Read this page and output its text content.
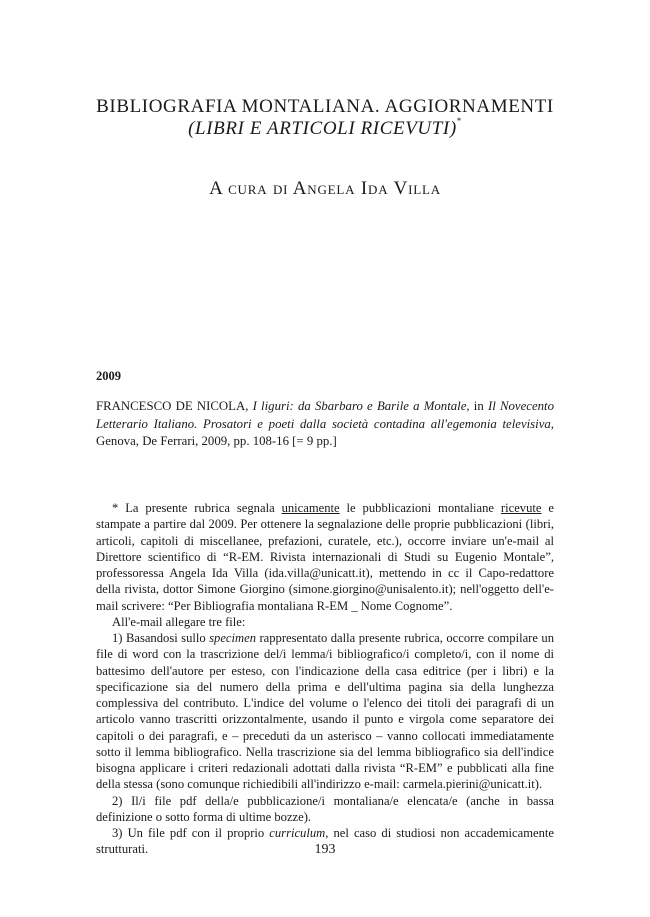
BIBLIOGRAFIA MONTALIANA. AGGIORNAMENTI
(LIBRI E ARTICOLI RICEVUTI)*
A cura di Angela Ida Villa
2009
FRANCESCO DE NICOLA, I liguri: da Sbarbaro e Barile a Montale, in Il Novecento Letterario Italiano. Prosatori e poeti dalla società contadina all'egemonia televisiva, Genova, De Ferrari, 2009, pp. 108-16 [= 9 pp.]

* La presente rubrica segnala unicamente le pubblicazioni montaliane ricevute e stampate a partire dal 2009. Per ottenere la segnalazione delle proprie pubblicazioni (libri, articoli, capitoli di miscellanee, prefazioni, curatele, etc.), occorre inviare un'e-mail al Direttore scientifico di “R-EM. Rivista internazionali di Studi su Eugenio Montale”, professoressa Angela Ida Villa (ida.villa@unicatt.it), mettendo in cc il Capo-redattore della rivista, dottor Simone Giorgino (simone.giorgino@unisalento.it); nell'oggetto dell'e-mail scrivere: “Per Bibliografia montaliana R-EM _ Nome Cognome”.

All'e-mail allegare tre file:

1) Basandosi sullo specimen rappresentato dalla presente rubrica, occorre compilare un file di word con la trascrizione del/i lemma/i bibliografico/i completo/i, con il nome di battesimo dell'autore per esteso, con l'indicazione della casa editrice (per i libri) e la specificazione sia del numero della prima e dell'ultima pagina sia della lunghezza complessiva del contributo. L'indice del volume o l'elenco dei titoli dei paragrafi di un articolo vanno trascritti orizzontalmente, usando il punto e virgola come separatore dei capitoli o dei paragrafi, e – preceduti da un asterisco – vanno collocati immediatamente sotto il lemma bibliografico. Nella trascrizione sia del lemma bibliografico sia dell'indice bisogna applicare i criteri redazionali adottati dalla rivista “R-EM” e pubblicati alla fine della stessa (sono comunque richiedibili all'indirizzo e-mail: carmela.pierini@unicatt.it).

2) Il/i file pdf della/e pubblicazione/i montaliana/e elencata/e (anche in bassa definizione o sotto forma di ultime bozze).

3) Un file pdf con il proprio curriculum, nel caso di studiosi non accademicamente strutturati.	193
